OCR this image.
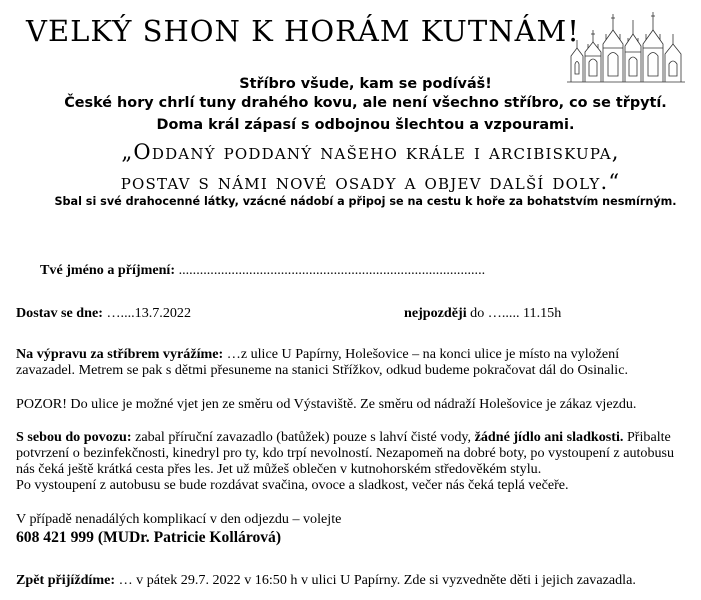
VELKÝ SHON K HORÁM KUTNÁM!
Stříbro všude, kam se podíváš!
České hory chrlí tuny drahého kovu, ale není všechno stříbro, co se třpytí.
Doma král zápasí s odbojnou šlechtou a vzpourami.
„Oddaný poddaný našeho krále i arcibiskupa,
postav s námi nové osady a objev další doly.“
Sbal si své drahocenné látky, vzácné nádobí a připoj se na cestu k hoře za bohatstvím nesmírným.
Tvé jméno a příjmení: .......................................................................................
Dostav se dne: …....13.7.2022	nejpozději do …..... 11.15h
Na výpravu za stříbrem vyrážíme: …z ulice U Papírny, Holešovice – na konci ulice je místo na vyložení
zavazadel. Metrem se pak s dětmi přesuneme na stanici Střížkov, odkud budeme pokračovat dál do Osinalic.
POZOR! Do ulice je možné vjet jen ze směru od Výstaviště. Ze směru od nádraží Holešovice je zákaz vjezdu.
S sebou do povozu: zabal příruční zavazadlo (batůžek) pouze s lahví čisté vody, žádné jídlo ani sladkosti. Přibalte
potvrzení o bezinfekčnosti, kinedryl pro ty, kdo trpí nevolností. Nezapomeň na dobré boty, po vystoupení z autobusu
nás čeká ještě krátká cesta přes les. Jet už můžeš oblečen v kutnohorském středověkém stylu.
Po vystoupení z autobusu se bude rozdávat svačina, ovoce a sladkost, večer nás čeká teplá večeře.
V případě nenadálých komplikací v den odjezdu – volejte
608 421 999 (MUDr. Patricie Kollárová)
Zpět přijíždíme: … v pátek 29.7. 2022 v 16:50 h v ulici U Papírny. Zde si vyzvedněte děti i jejich zavazadla.
